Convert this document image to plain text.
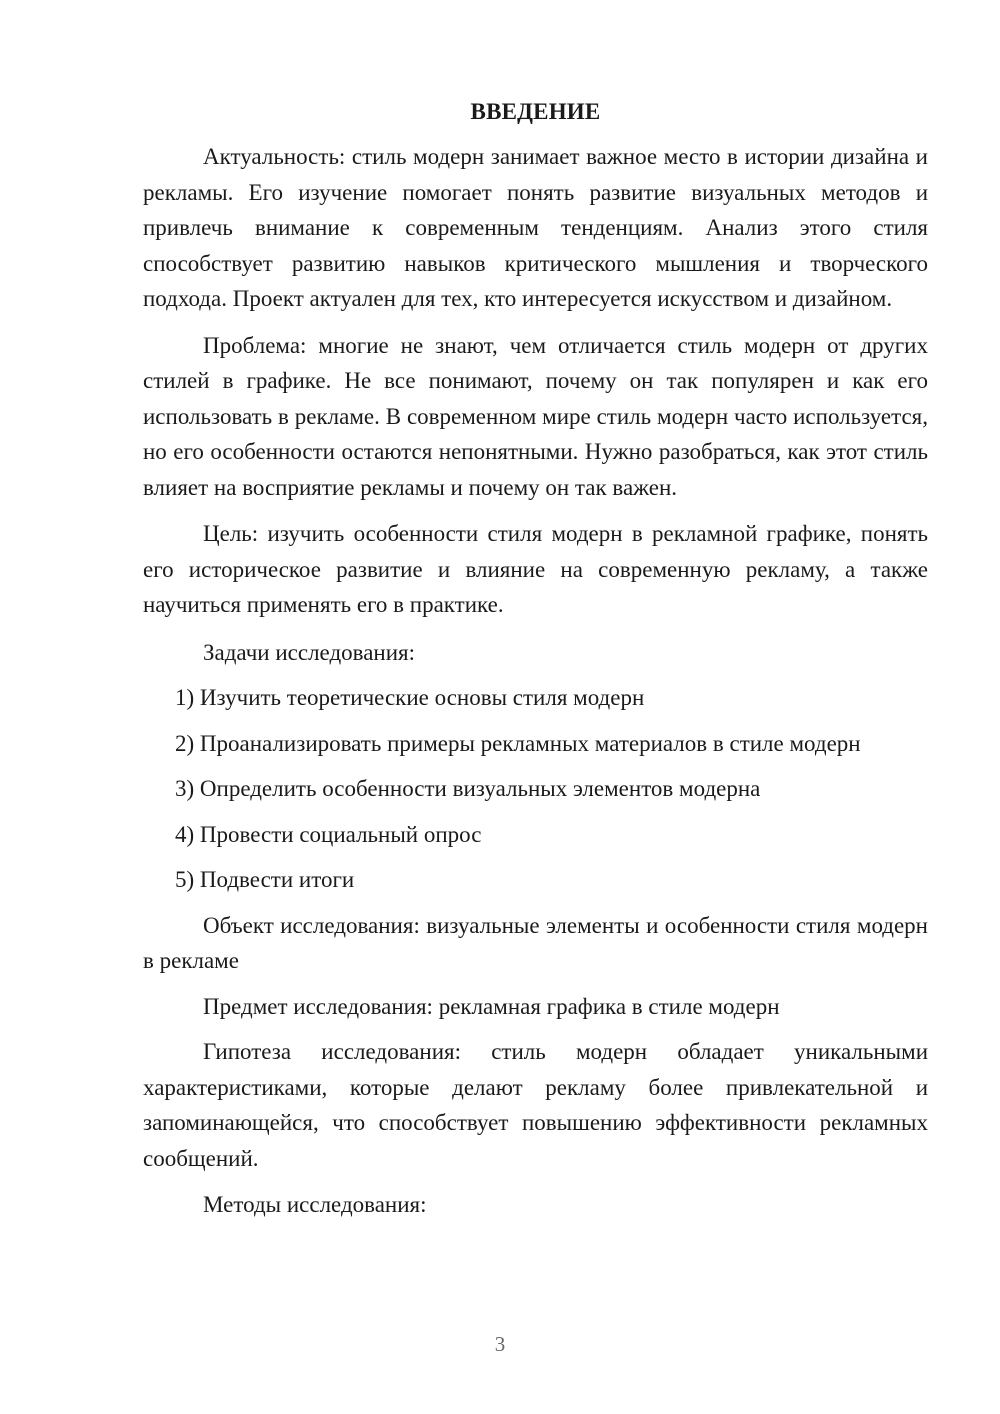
ВВЕДЕНИЕ

Актуальность: стиль модерн занимает важное место в истории дизайна и рекламы. Его изучение помогает понять развитие визуальных методов и привлечь внимание к современным тенденциям. Анализ этого стиля способствует развитию навыков критического мышления и творческого подхода. Проект актуален для тех, кто интересуется искусством и дизайном.

Проблема: многие не знают, чем отличается стиль модерн от других стилей в графике. Не все понимают, почему он так популярен и как его использовать в рекламе. В современном мире стиль модерн часто используется, но его особенности остаются непонятными. Нужно разобраться, как этот стиль влияет на восприятие рекламы и почему он так важен.

Цель: изучить особенности стиля модерн в рекламной графике, понять его историческое развитие и влияние на современную рекламу, а также научиться применять его в практике.

Задачи исследования:

1) Изучить теоретические основы стиля модерн

2) Проанализировать примеры рекламных материалов в стиле модерн

3) Определить особенности визуальных элементов модерна

4) Провести социальный опрос

5) Подвести итоги

Объект исследования: визуальные элементы и особенности стиля модерн в рекламе

Предмет исследования: рекламная графика в стиле модерн

Гипотеза исследования: стиль модерн обладает уникальными характеристиками, которые делают рекламу более привлекательной и запоминающейся, что способствует повышению эффективности рекламных сообщений.

Методы исследования:

3
